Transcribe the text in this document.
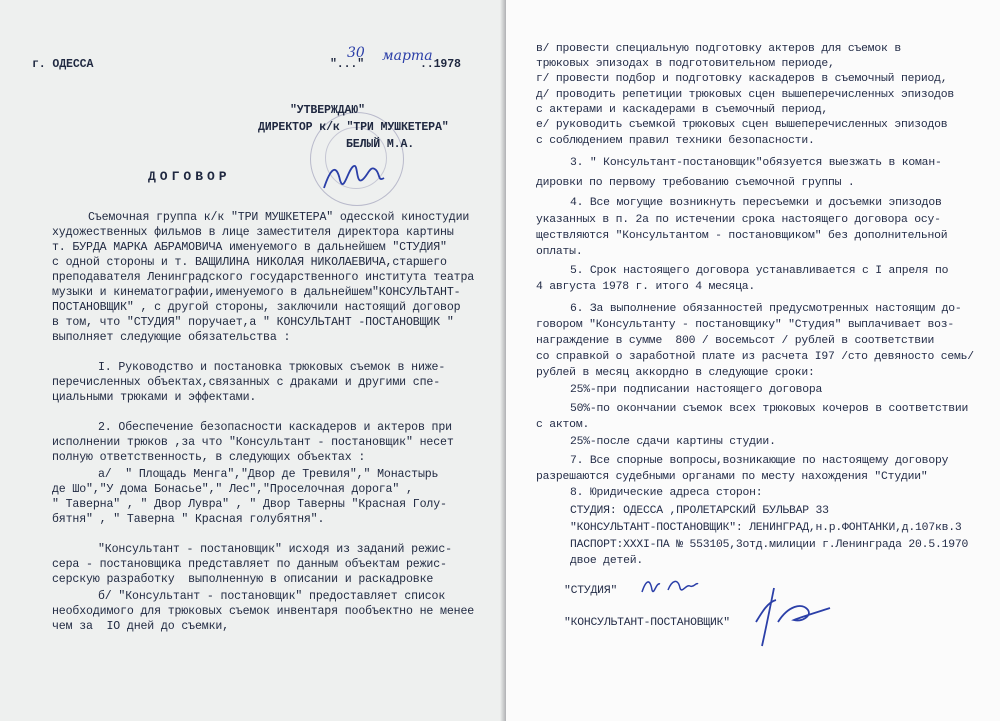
г. ОДЕССА	"..."
30 марта
..1978
"УТВЕРЖДАЮ"
ДИРЕКТОР к/к "ТРИ МУШКЕТЕРА"
БЕЛЫЙ М.А.
ДОГОВОР
Съемочная группа к/к "ТРИ МУШКЕТЕРА" одесской киностудии
художественных фильмов в лице заместителя директора картины
т. БУРДА МАРКА АБРАМОВИЧА именуемого в дальнейшем "СТУДИЯ"
с одной стороны и т. ВАЩИЛИНА НИКОЛАЯ НИКОЛАЕВИЧА,старшего
преподавателя Ленинградского государственного института театра
музыки и кинематографии,именуемого в дальнейшем"КОНСУЛЬТАНТ-
ПОСТАНОВЩИК" , с другой стороны, заключили настоящий договор
в том, что "СТУДИЯ" поручает,а " КОНСУЛЬТАНТ -ПОСТАНОВЩИК "
выполняет следующие обязательства :
I. Руководство и постановка трюковых съемок в ниже-
перечисленных объектах,связанных с драками и другими спе-
циальными трюками и эффектами.
2. Обеспечение безопасности каскадеров и актеров при
исполнении трюков ,за что "Консультант - постановщик" несет
полную ответственность, в следующих объектах :
а/  " Площадь Менга","Двор де Тревиля"," Монастырь
де Шо","У дома Бонасье"," Лес","Проселочная дорога" ,
" Таверна" , " Двор Лувра" , " Двор Таверны "Красная Голу-
бятня" , " Таверна " Красная голубятня".
"Консультант - постановщик" исходя из заданий режис-
сера - постановщика представляет по данным объектам режис-
серскую разработку  выполненную в описании и раскадровке
б/ "Консультант - постановщик" предоставляет список
необходимого для трюковых съемок инвентаря пообъектно не менее
чем за  IO дней до съемки,
в/ провести специальную подготовку актеров для съемок в
трюковых эпизодах в подготовительном периоде,
г/ провести подбор и подготовку каскадеров в съемочный период,
д/ проводить репетиции трюковых сцен вышеперечисленных эпизодов
с актерами и каскадерами в съемочный период,
е/ руководить съемкой трюковых сцен вышеперечисленных эпизодов
с соблюдением правил техники безопасности.
3. " Консультант-постановщик"обязуется выезжать в коман-
дировки по первому требованию съемочной группы .
4. Все могущие возникнуть пересъемки и досъемки эпизодов
указанных в п. 2а по истечении срока настоящего договора осу-
ществляются "Консультантом - постановщиком" без дополнительной
оплаты.
5. Срок настоящего договора устанавливается с I апреля по
4 августа 1978 г. итого 4 месяца.
6. За выполнение обязанностей предусмотренных настоящим до-
говором "Консультанту - постановщику" "Студия" выплачивает воз-
награждение в сумме  800 / восемьсот / рублей в соответствии
со справкой о заработной плате из расчета I97 /сто девяносто семь/
рублей в месяц аккордно в следующие сроки:
25%-при подписании настоящего договора
50%-по окончании съемок всех трюковых кочеров в соответствии
с актом.
25%-после сдачи картины студии.
7. Все спорные вопросы,возникающие по настоящему договору
разрешаются судебными органами по месту нахождения "Студии"
8. Юридические адреса сторон:
СТУДИЯ: ОДЕССА ,ПРОЛЕТАРСКИЙ БУЛЬВАР 33
"КОНСУЛЬТАНТ-ПОСТАНОВЩИК": ЛЕНИНГРАД,н.р.ФОНТАНКИ,д.107кв.3
ПАСПОРТ:XXXI-ПА № 553105,3отд.милиции г.Ленинграда 20.5.1970
двое детей.
"СТУДИЯ"
"КОНСУЛЬТАНТ-ПОСТАНОВЩИК"
